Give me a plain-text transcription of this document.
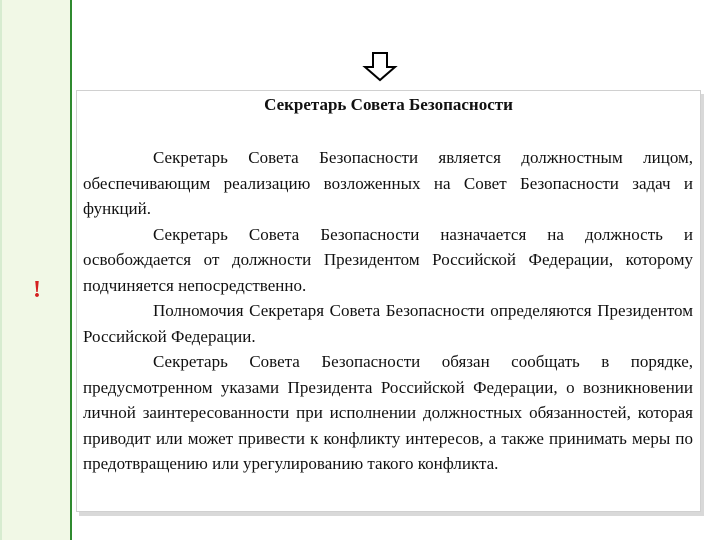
!
Секретарь Совета Безопасности

Секретарь Совета Безопасности является должностным лицом, обеспечивающим реализацию возложенных на Совет Безопасности задач и функций.

Секретарь Совета Безопасности назначается на должность и освобождается от должности Президентом Российской Федерации, которому подчиняется непосредственно.

Полномочия Секретаря Совета Безопасности определяются Президентом Российской Федерации.

Секретарь Совета Безопасности обязан сообщать в порядке, предусмотренном указами Президента Российской Федерации, о возникновении личной заинтересованности при исполнении должностных обязанностей, которая приводит или может привести к конфликту интересов, а также принимать меры по предотвращению или урегулированию такого конфликта.
